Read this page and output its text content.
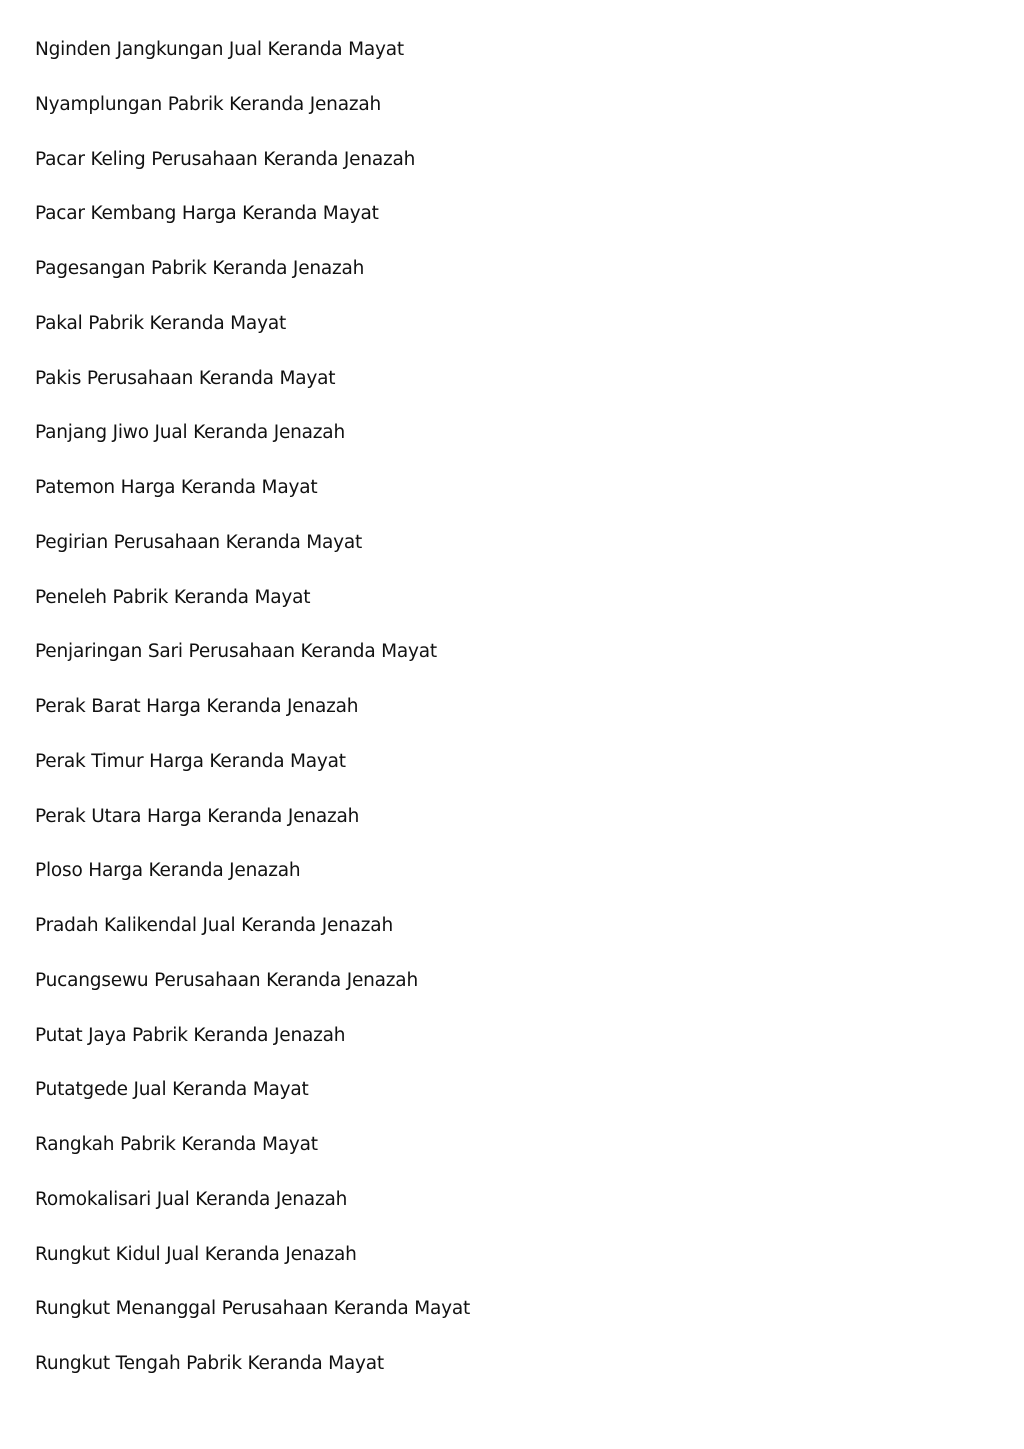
Nginden Jangkungan Jual Keranda Mayat
Nyamplungan Pabrik Keranda Jenazah
Pacar Keling Perusahaan Keranda Jenazah
Pacar Kembang Harga Keranda Mayat
Pagesangan Pabrik Keranda Jenazah
Pakal Pabrik Keranda Mayat
Pakis Perusahaan Keranda Mayat
Panjang Jiwo Jual Keranda Jenazah
Patemon Harga Keranda Mayat
Pegirian Perusahaan Keranda Mayat
Peneleh Pabrik Keranda Mayat
Penjaringan Sari Perusahaan Keranda Mayat
Perak Barat Harga Keranda Jenazah
Perak Timur Harga Keranda Mayat
Perak Utara Harga Keranda Jenazah
Ploso Harga Keranda Jenazah
Pradah Kalikendal Jual Keranda Jenazah
Pucangsewu Perusahaan Keranda Jenazah
Putat Jaya Pabrik Keranda Jenazah
Putatgede Jual Keranda Mayat
Rangkah Pabrik Keranda Mayat
Romokalisari Jual Keranda Jenazah
Rungkut Kidul Jual Keranda Jenazah
Rungkut Menanggal Perusahaan Keranda Mayat
Rungkut Tengah Pabrik Keranda Mayat
